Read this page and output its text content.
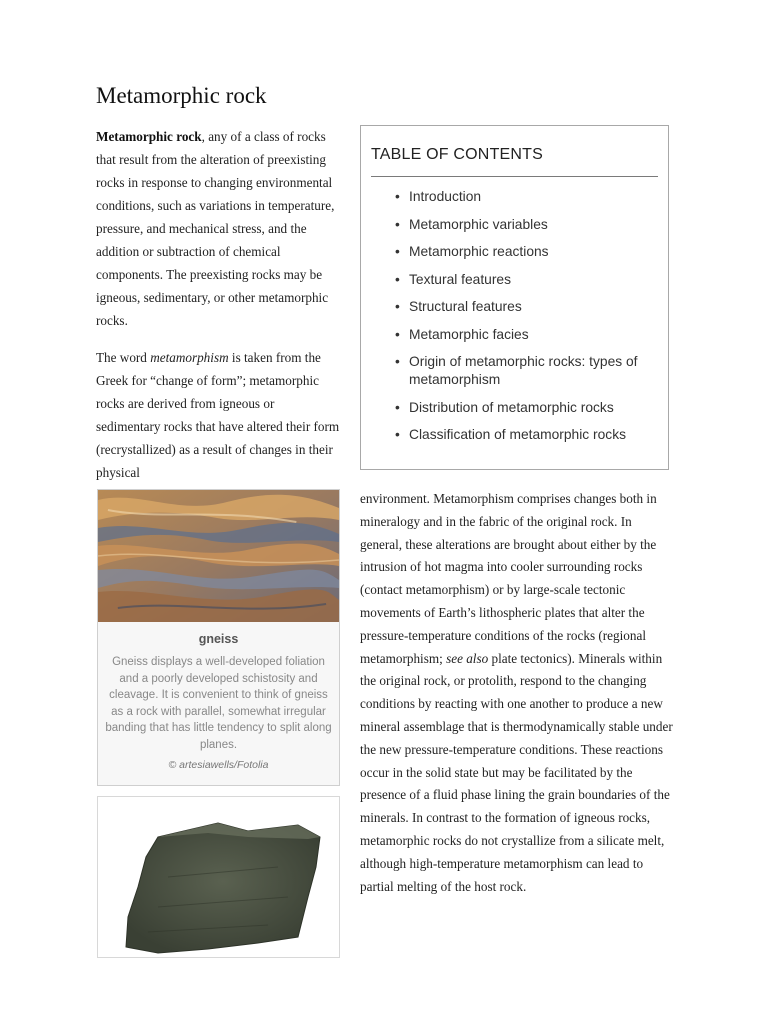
Metamorphic rock

Metamorphic rock, any of a class of rocks that result from the alteration of preexisting rocks in response to changing environmental conditions, such as variations in temperature, pressure, and mechanical stress, and the addition or subtraction of chemical components. The preexisting rocks may be igneous, sedimentary, or other metamorphic rocks.

The word metamorphism is taken from the Greek for “change of form”; metamorphic rocks are derived from igneous or sedimentary rocks that have altered their form (recrystallized) as a result of changes in their physical

TABLE OF CONTENTS
• Introduction
• Metamorphic variables
• Metamorphic reactions
• Textural features
• Structural features
• Metamorphic facies
• Origin of metamorphic rocks: types of metamorphism
• Distribution of metamorphic rocks
• Classification of metamorphic rocks
gneiss
Gneiss displays a well-developed foliation and a poorly developed schistosity and cleavage. It is convenient to think of gneiss as a rock with parallel, somewhat irregular banding that has little tendency to split along planes.
© artesiawells/Fotolia

environment. Metamorphism comprises changes both in mineralogy and in the fabric of the original rock. In general, these alterations are brought about either by the intrusion of hot magma into cooler surrounding rocks (contact metamorphism) or by large-scale tectonic movements of Earth’s lithospheric plates that alter the pressure-temperature conditions of the rocks (regional metamorphism; see also plate tectonics). Minerals within the original rock, or protolith, respond to the changing conditions by reacting with one another to produce a new mineral assemblage that is thermodynamically stable under the new pressure-temperature conditions. These reactions occur in the solid state but may be facilitated by the presence of a fluid phase lining the grain boundaries of the minerals. In contrast to the formation of igneous rocks, metamorphic rocks do not crystallize from a silicate melt, although high-temperature metamorphism can lead to partial melting of the host rock.
